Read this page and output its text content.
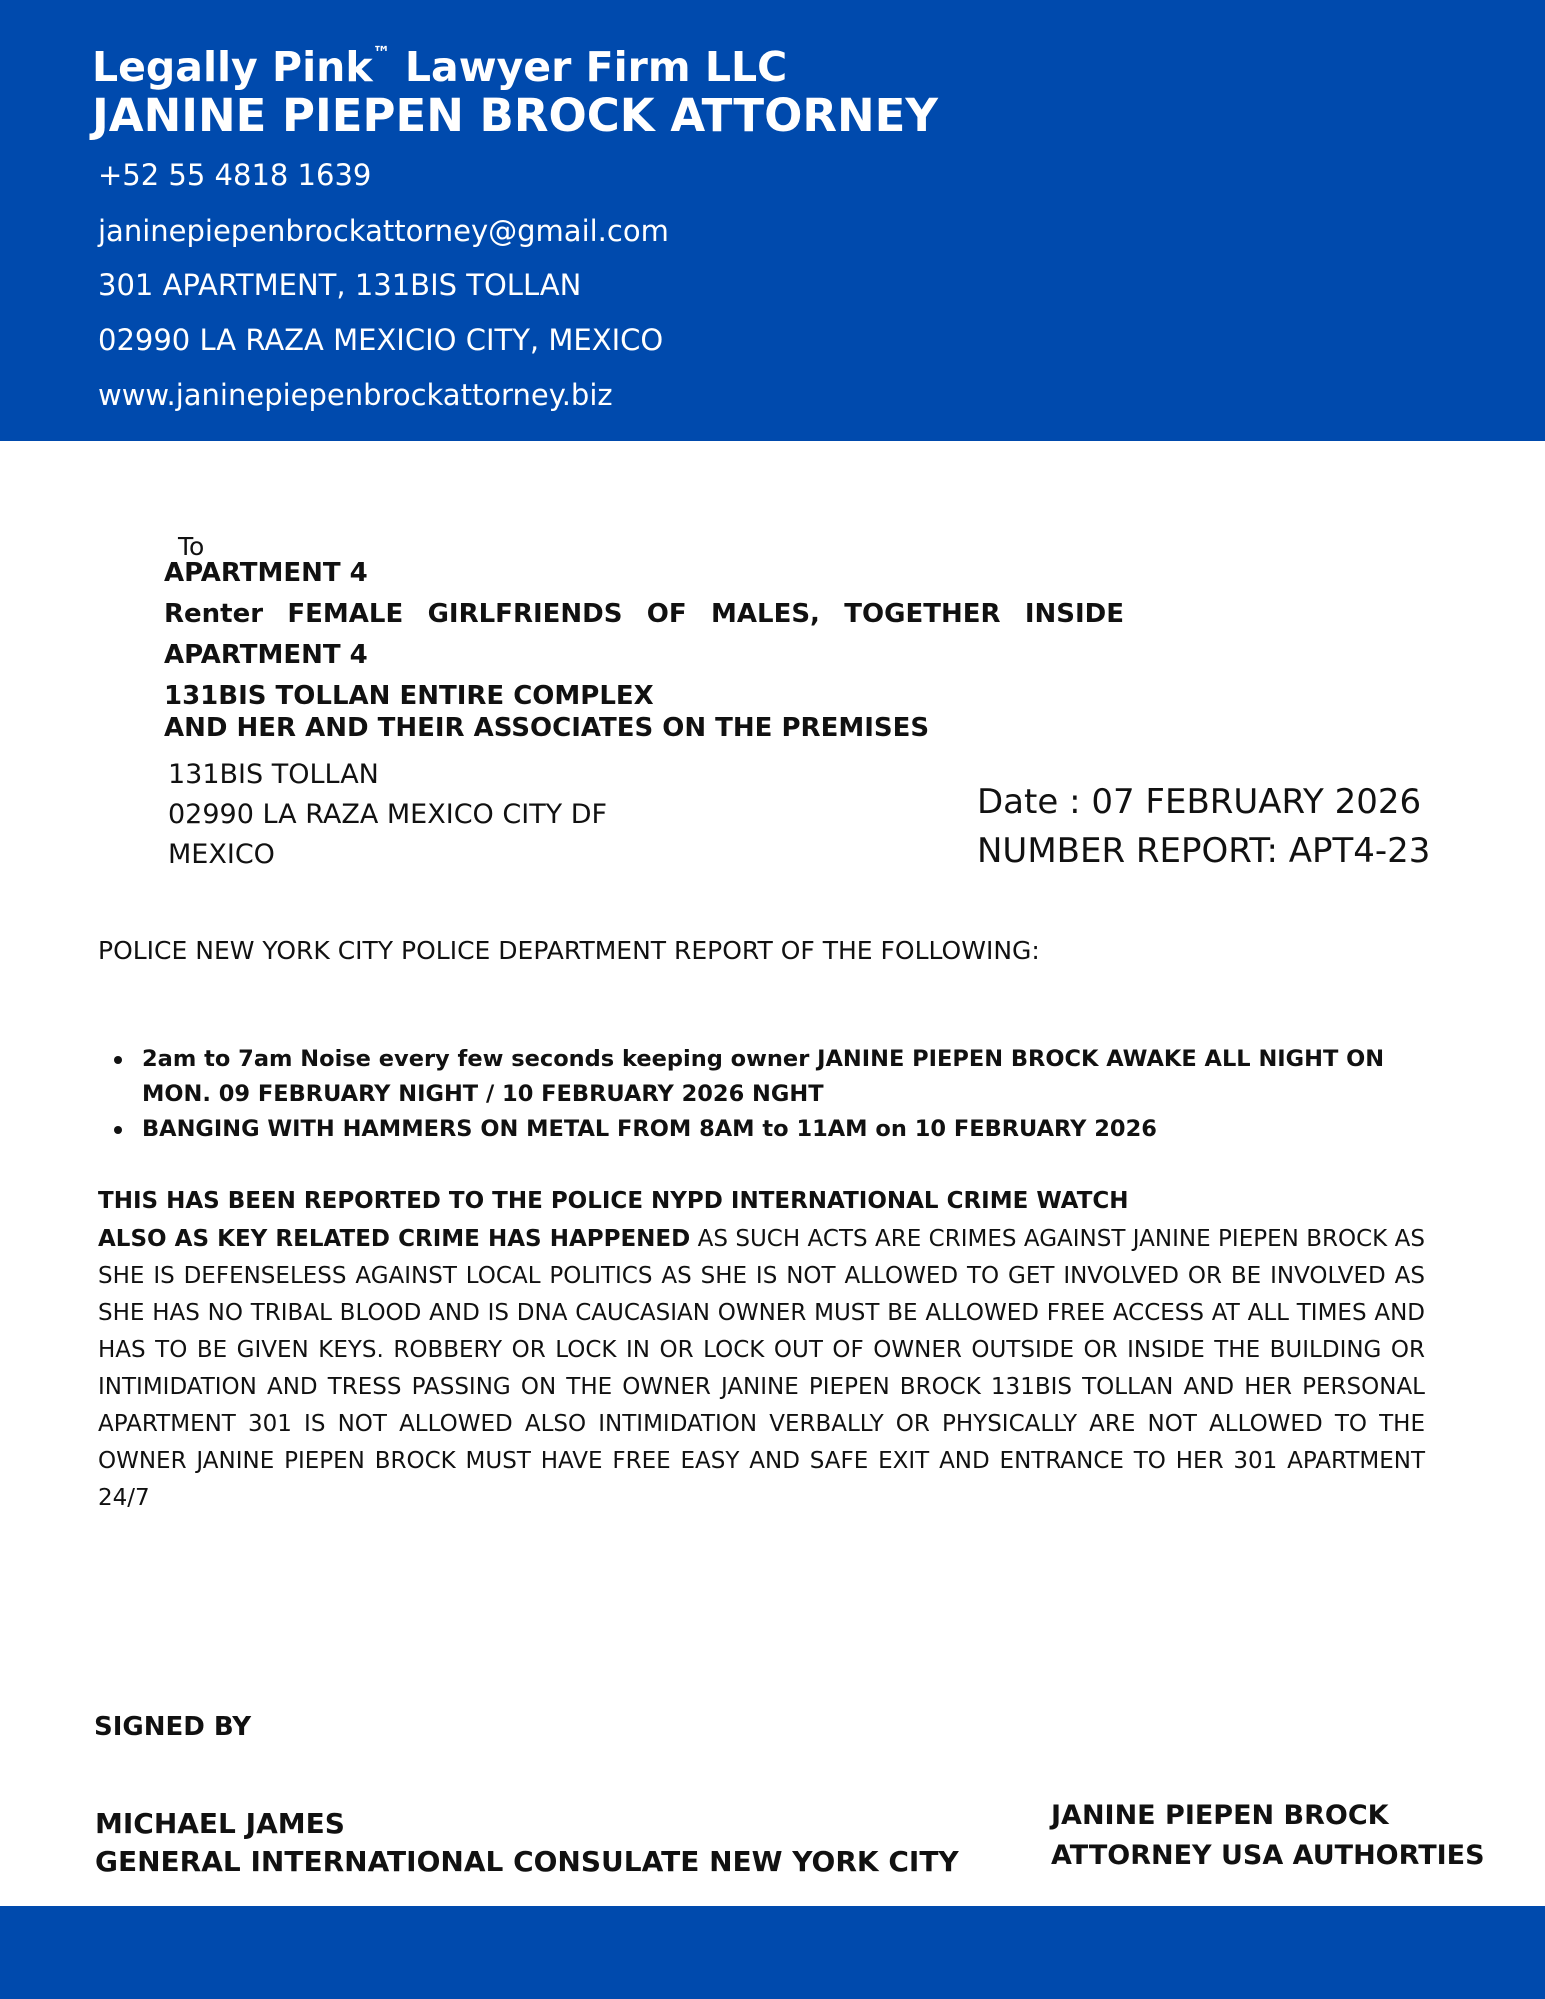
Legally Pink™ Lawyer Firm LLC
JANINE PIEPEN BROCK ATTORNEY
+52 55 4818 1639
janinepiepenbrockattorney@gmail.com
301 APARTMENT, 131BIS TOLLAN
02990 LA RAZA MEXICIO CITY, MEXICO
www.janinepiepenbrockattorney.biz
To
APARTMENT 4
Renter FEMALE GIRLFRIENDS OF MALES, TOGETHER INSIDE
APARTMENT 4
131BIS TOLLAN ENTIRE COMPLEX
AND HER AND THEIR ASSOCIATES ON THE PREMISES
131BIS TOLLAN
02990 LA RAZA MEXICO CITY DF
MEXICO
Date : 07 FEBRUARY 2026
NUMBER REPORT: APT4-23
POLICE NEW YORK CITY POLICE DEPARTMENT REPORT OF THE FOLLOWING:
2am to 7am Noise every few seconds keeping owner JANINE PIEPEN BROCK AWAKE ALL NIGHT ON MON. 09 FEBRUARY NIGHT / 10 FEBRUARY 2026 NGHT
BANGING WITH HAMMERS ON METAL FROM 8AM to 11AM on 10 FEBRUARY 2026
THIS HAS BEEN REPORTED TO THE POLICE NYPD INTERNATIONAL CRIME WATCH

ALSO AS KEY RELATED CRIME HAS HAPPENED AS SUCH ACTS ARE CRIMES AGAINST JANINE PIEPEN BROCK AS SHE IS DEFENSELESS AGAINST LOCAL POLITICS AS SHE IS NOT ALLOWED TO GET INVOLVED OR BE INVOLVED AS SHE HAS NO TRIBAL BLOOD AND IS DNA CAUCASIAN OWNER MUST BE ALLOWED FREE ACCESS AT ALL TIMES AND HAS TO BE GIVEN KEYS. ROBBERY OR LOCK IN OR LOCK OUT OF OWNER OUTSIDE OR INSIDE THE BUILDING OR INTIMIDATION AND TRESS PASSING ON THE OWNER JANINE PIEPEN BROCK 131BIS TOLLAN AND HER PERSONAL APARTMENT 301 IS NOT ALLOWED ALSO INTIMIDATION VERBALLY OR PHYSICALLY ARE NOT ALLOWED TO THE OWNER JANINE PIEPEN BROCK MUST HAVE FREE EASY AND SAFE EXIT AND ENTRANCE TO HER 301 APARTMENT 24/7

SIGNED BY
MICHAEL JAMES
GENERAL INTERNATIONAL CONSULATE NEW YORK CITY
JANINE PIEPEN BROCK
ATTORNEY USA AUTHORTIES
